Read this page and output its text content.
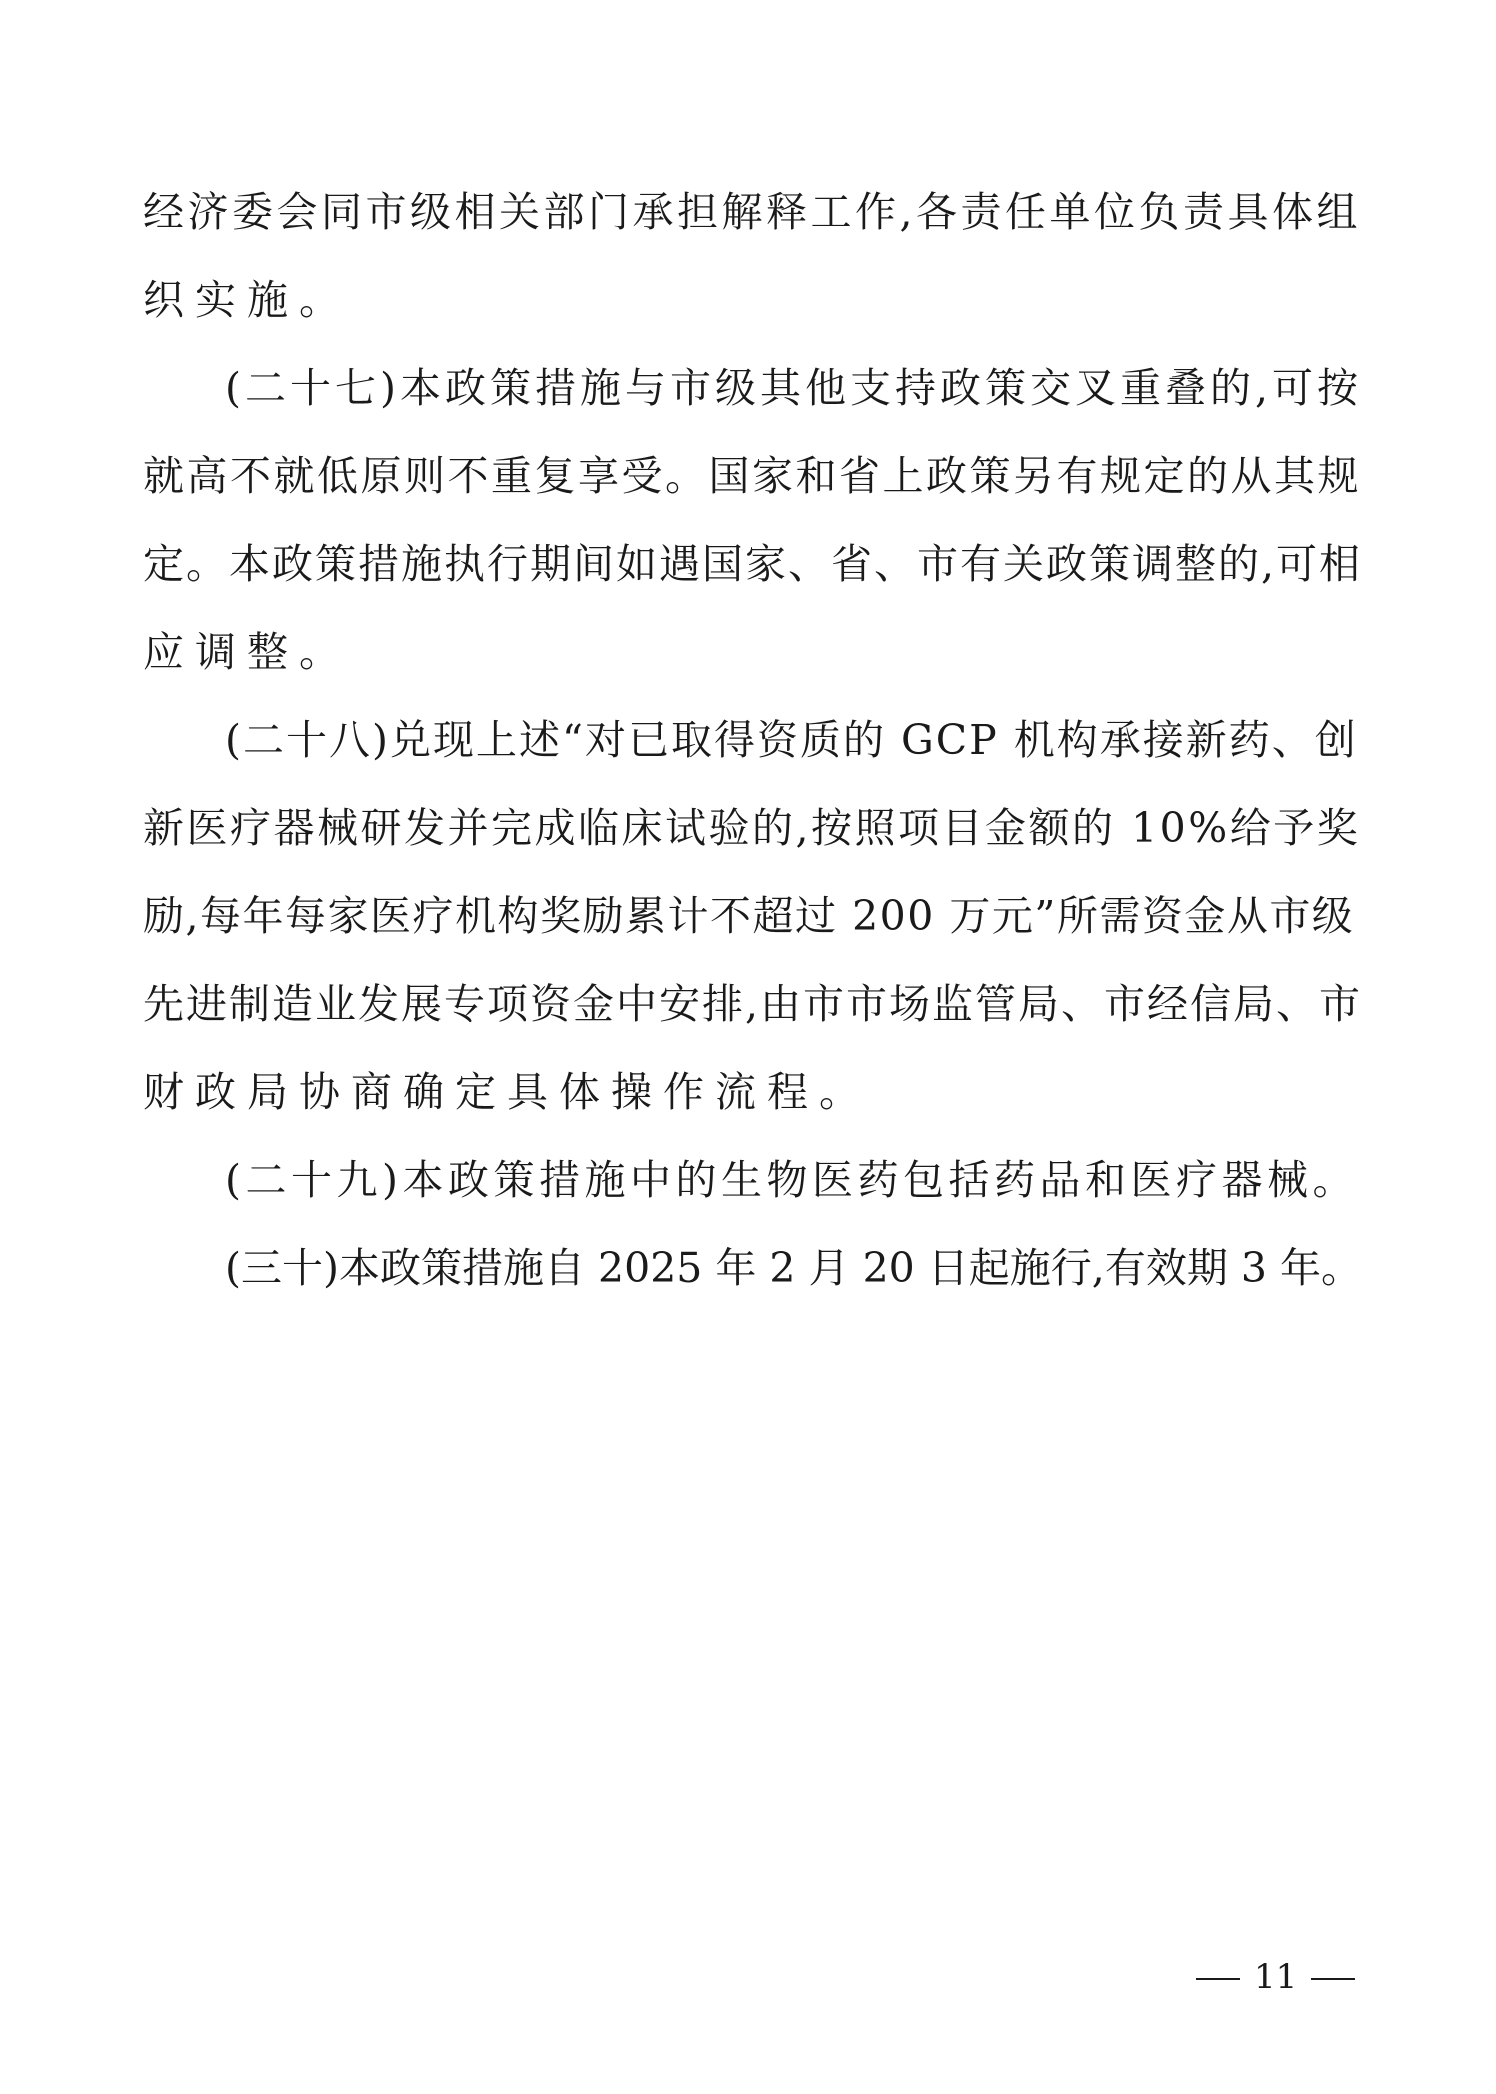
经济委会同市级相关部门承担解释工作,各责任单位负责具体组
织实施。
(二十七)本政策措施与市级其他支持政策交叉重叠的,可按
就高不就低原则不重复享受。国家和省上政策另有规定的从其规
定。本政策措施执行期间如遇国家、省、市有关政策调整的,可相
应调整。
(二十八)兑现上述“对已取得资质的 GCP 机构承接新药、创
新医疗器械研发并完成临床试验的,按照项目金额的 10%给予奖
励,每年每家医疗机构奖励累计不超过 200 万元”所需资金从市级
先进制造业发展专项资金中安排,由市市场监管局、市经信局、市
财政局协商确定具体操作流程。
(二十九)本政策措施中的生物医药包括药品和医疗器械。
(三十)本政策措施自 2025 年 2 月 20 日起施行,有效期 3 年。
11
